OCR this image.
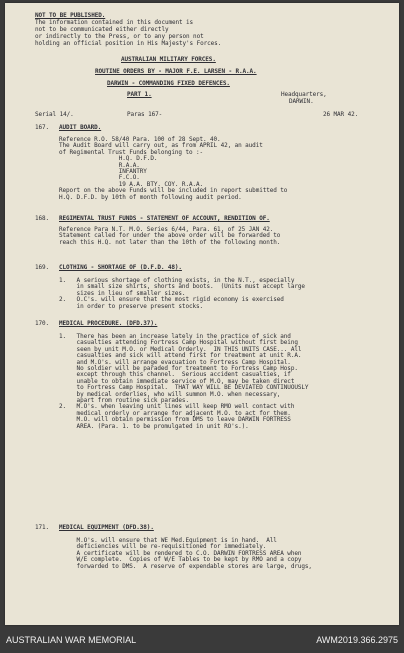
NOT TO BE PUBLISHED.
The information contained in this document is
not to be communicated either directly
or indirectly to the Press, or to any person not
holding an official position in His Majesty's Forces.
AUSTRALIAN MILITARY FORCES.
ROUTINE ORDERS BY - MAJOR F.E. LARSEN - R.A.A.
DARWIN - COMMANDING FIXED DEFENCES.
PART 1.	Headquarters,
DARWIN.
Serial 14/.	Paras 167-	26 MAR 42.
167. AUDIT BOARD.
Reference R.O. 58/40 Para. 100 of 28 Sept. 40.
The Audit Board will carry out, as from APRIL 42, an audit
of Regimental Trust Funds belonging to :-
H.Q. D.F.D.
R.A.A.
INFANTRY
F.C.O.
19 A.A. BTY. COY. R.A.A.
Report on the above Funds will be included in report submitted to
H.Q. D.F.D. by 10th of month following audit period.
168. REGIMENTAL TRUST FUNDS - STATEMENT OF ACCOUNT, RENDITION OF.
Reference Para N.T. M.O. Series 6/44, Para. 61, of 25 JAN 42.
Statement called for under the above order will be forwarded to
reach this H.Q. not later than the 10th of the following month.
169. CLOTHING - SHORTAGE OF (D.F.D. 48).
1.   A serious shortage of clothing exists, in the N.T., especially
in small size shirts, shorts and boots.  (Units must accept large
sizes in lieu of smaller sizes.
2.   O.C's. will ensure that the most rigid economy is exercised
in order to preserve present stocks.
170. MEDICAL PROCEDURE. (DFD.37).
1.   There has been an increase lately in the practice of sick and
casualties attending Fortress Camp Hospital without first being
seen by unit M.O. or Medical Orderly.  IN THIS UNITS CASE... All
casualties and sick will attend first for treatment at unit R.A.
and M.O's. will arrange evacuation to Fortress Camp Hospital.
No soldier will be paraded for treatment to Fortress Camp Hosp.
except through this channel.  Serious accident casualties, if
unable to obtain immediate service of M.O, may be taken direct
to Fortress Camp Hospital.  THAT WAY WILL BE DEVIATED CONTINUOUSLY
by medical orderlies, who will summon M.O. when necessary,
apart from routine sick parades.
2.   M.O's. when leaving unit lines will keep RMO well contact with
medical orderly or arrange for adjacent M.O. to act for them.
M.O. will obtain permission from DMS to leave DARWIN FORTRESS
AREA. (Para. 1. to be promulgated in unit RO's.).
171. MEDICAL EQUIPMENT (DFD.38).
M.O's. will ensure that WE Med.Equipment is in hand.  All
deficiencies will be re-requisitioned for immediately.
A certificate will be rendered to C.O. DARWIN FORTRESS AREA when
W/E complete.  Copies of W/E Tables to be kept by RMO and a copy
forwarded to DMS.  A reserve of expendable stores are large, drugs,
AUSTRALIAN WAR MEMORIAL	AWM2019.366.2975
